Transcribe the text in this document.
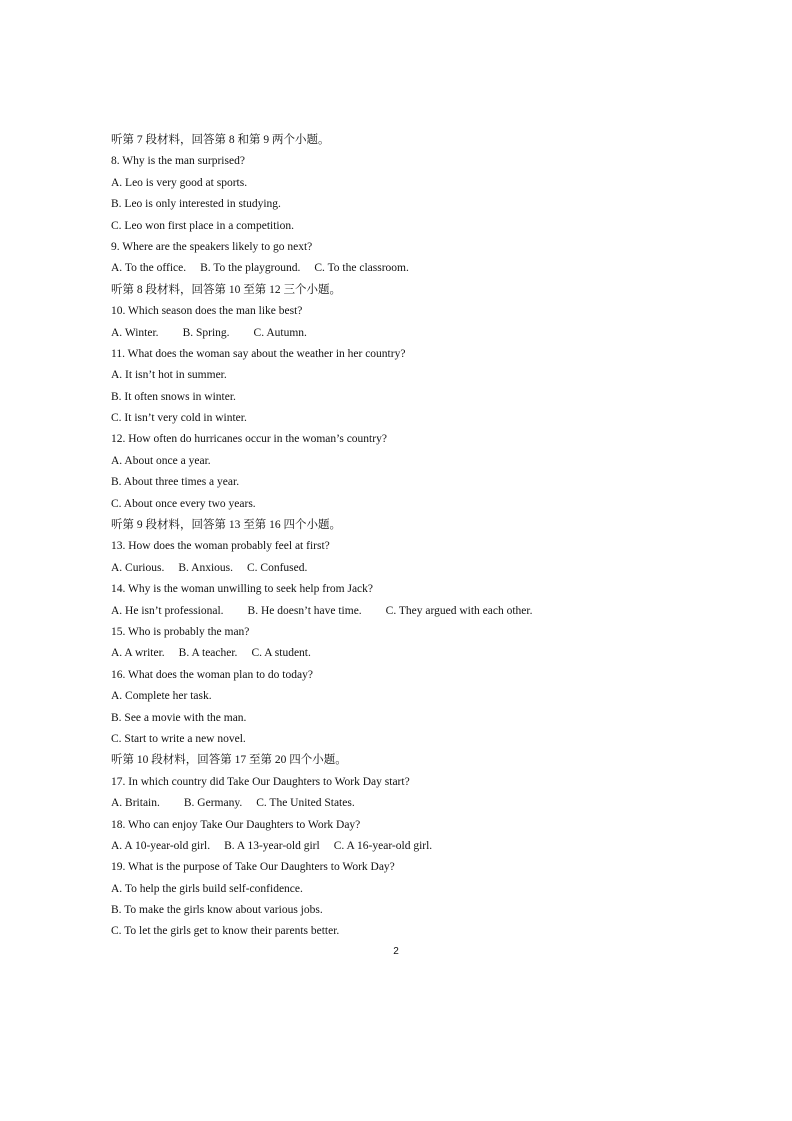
听第 7 段材料，回答第 8 和第 9 两个小题。
8. Why is the man surprised?
A. Leo is very good at sports.
B. Leo is only interested in studying.
C. Leo won first place in a competition.
9. Where are the speakers likely to go next?
A. To the office. B. To the playground. C. To the classroom.
听第 8 段材料，回答第 10 至第 12 三个小题。
10. Which season does the man like best?
A. Winter. B. Spring. C. Autumn.
11. What does the woman say about the weather in her country?
A. It isn’t hot in summer.
B. It often snows in winter.
C. It isn’t very cold in winter.
12. How often do hurricanes occur in the woman’s country?
A. About once a year.
B. About three times a year.
C. About once every two years.
听第 9 段材料，回答第 13 至第 16 四个小题。
13. How does the woman probably feel at first?
A. Curious. B. Anxious. C. Confused.
14. Why is the woman unwilling to seek help from Jack?
A. He isn’t professional. B. He doesn’t have time. C. They argued with each other.
15. Who is probably the man?
A. A writer. B. A teacher. C. A student.
16. What does the woman plan to do today?
A. Complete her task.
B. See a movie with the man.
C. Start to write a new novel.
听第 10 段材料，回答第 17 至第 20 四个小题。
17. In which country did Take Our Daughters to Work Day start?
A. Britain. B. Germany. C. The United States.
18. Who can enjoy Take Our Daughters to Work Day?
A. A 10-year-old girl. B. A 13-year-old girl C. A 16-year-old girl.
19. What is the purpose of Take Our Daughters to Work Day?
A. To help the girls build self-confidence.
B. To make the girls know about various jobs.
C. To let the girls get to know their parents better.
2
